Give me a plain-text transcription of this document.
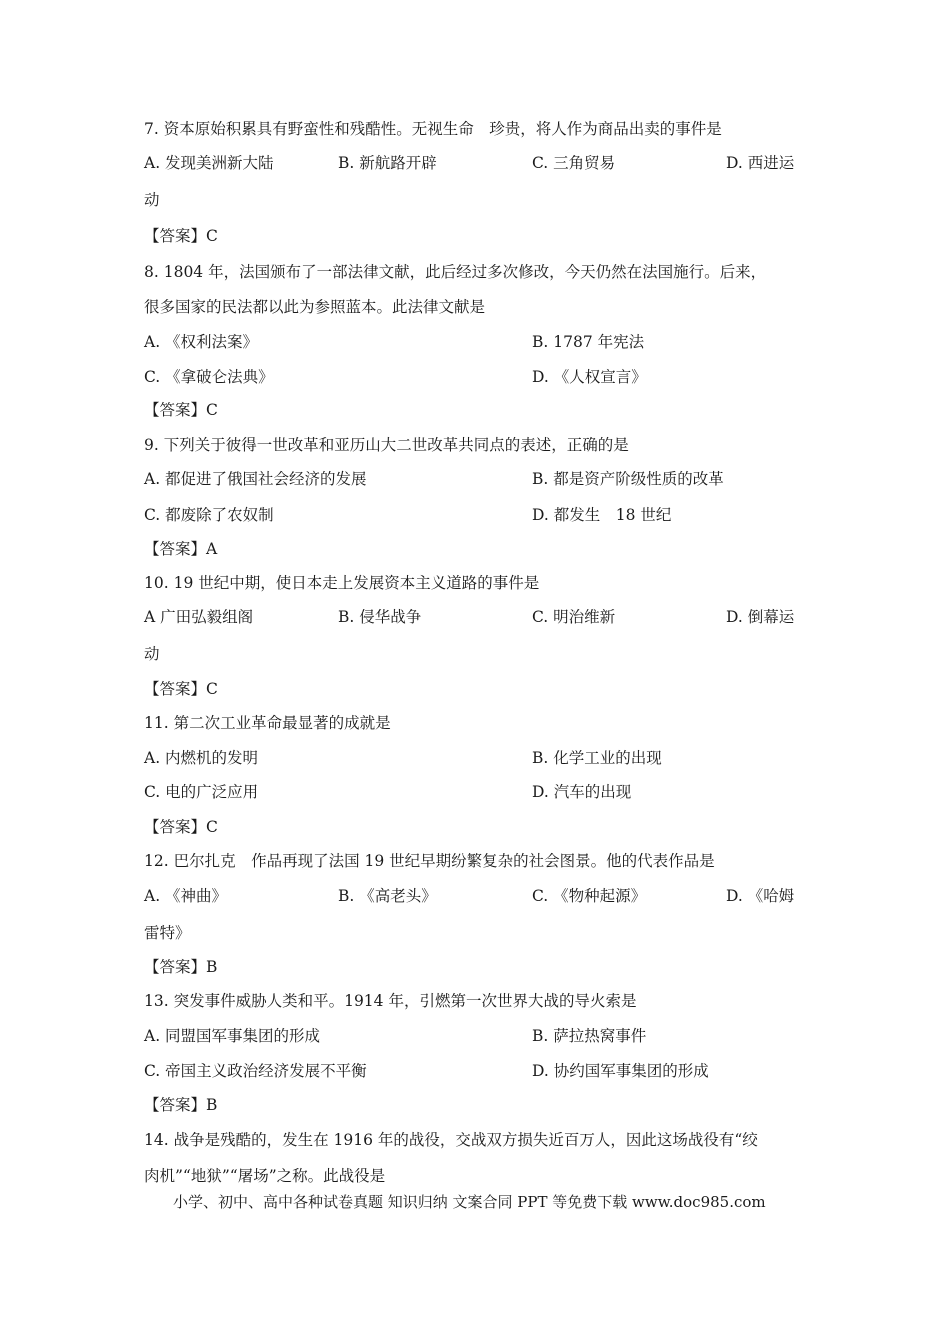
7. 资本原始积累具有野蛮性和残酷性。无视生命　珍贵，将人作为商品出卖的事件是
A. 发现美洲新大陆	B. 新航路开辟	C. 三角贸易	D. 西进运
动
【答案】C
8. 1804 年，法国颁布了一部法律文献，此后经过多次修改，今天仍然在法国施行。后来，
很多国家的民法都以此为参照蓝本。此法律文献是
A. 《权利法案》	B. 1787 年宪法
C. 《拿破仑法典》	D. 《人权宣言》
【答案】C
9. 下列关于彼得一世改革和亚历山大二世改革共同点的表述，正确的是
A. 都促进了俄国社会经济的发展	B. 都是资产阶级性质的改革
C. 都废除了农奴制	D. 都发生　18 世纪
【答案】A
10. 19 世纪中期，使日本走上发展资本主义道路的事件是
A 广田弘毅组阁	B. 侵华战争	C. 明治维新	D. 倒幕运
动
【答案】C
11. 第二次工业革命最显著的成就是
A. 内燃机的发明	B. 化学工业的出现
C. 电的广泛应用	D. 汽车的出现
【答案】C
12. 巴尔扎克　作品再现了法国 19 世纪早期纷繁复杂的社会图景。他的代表作品是
A. 《神曲》	B. 《高老头》	C. 《物种起源》	D. 《哈姆
雷特》
【答案】B
13. 突发事件威胁人类和平。1914 年，引燃第一次世界大战的导火索是
A. 同盟国军事集团的形成	B. 萨拉热窝事件
C. 帝国主义政治经济发展不平衡	D. 协约国军事集团的形成
【答案】B
14. 战争是残酷的，发生在 1916 年的战役，交战双方损失近百万人，因此这场战役有“绞
肉机”“地狱”“屠场”之称。此战役是
小学、初中、高中各种试卷真题 知识归纳 文案合同 PPT 等免费下载 www.doc985.com
